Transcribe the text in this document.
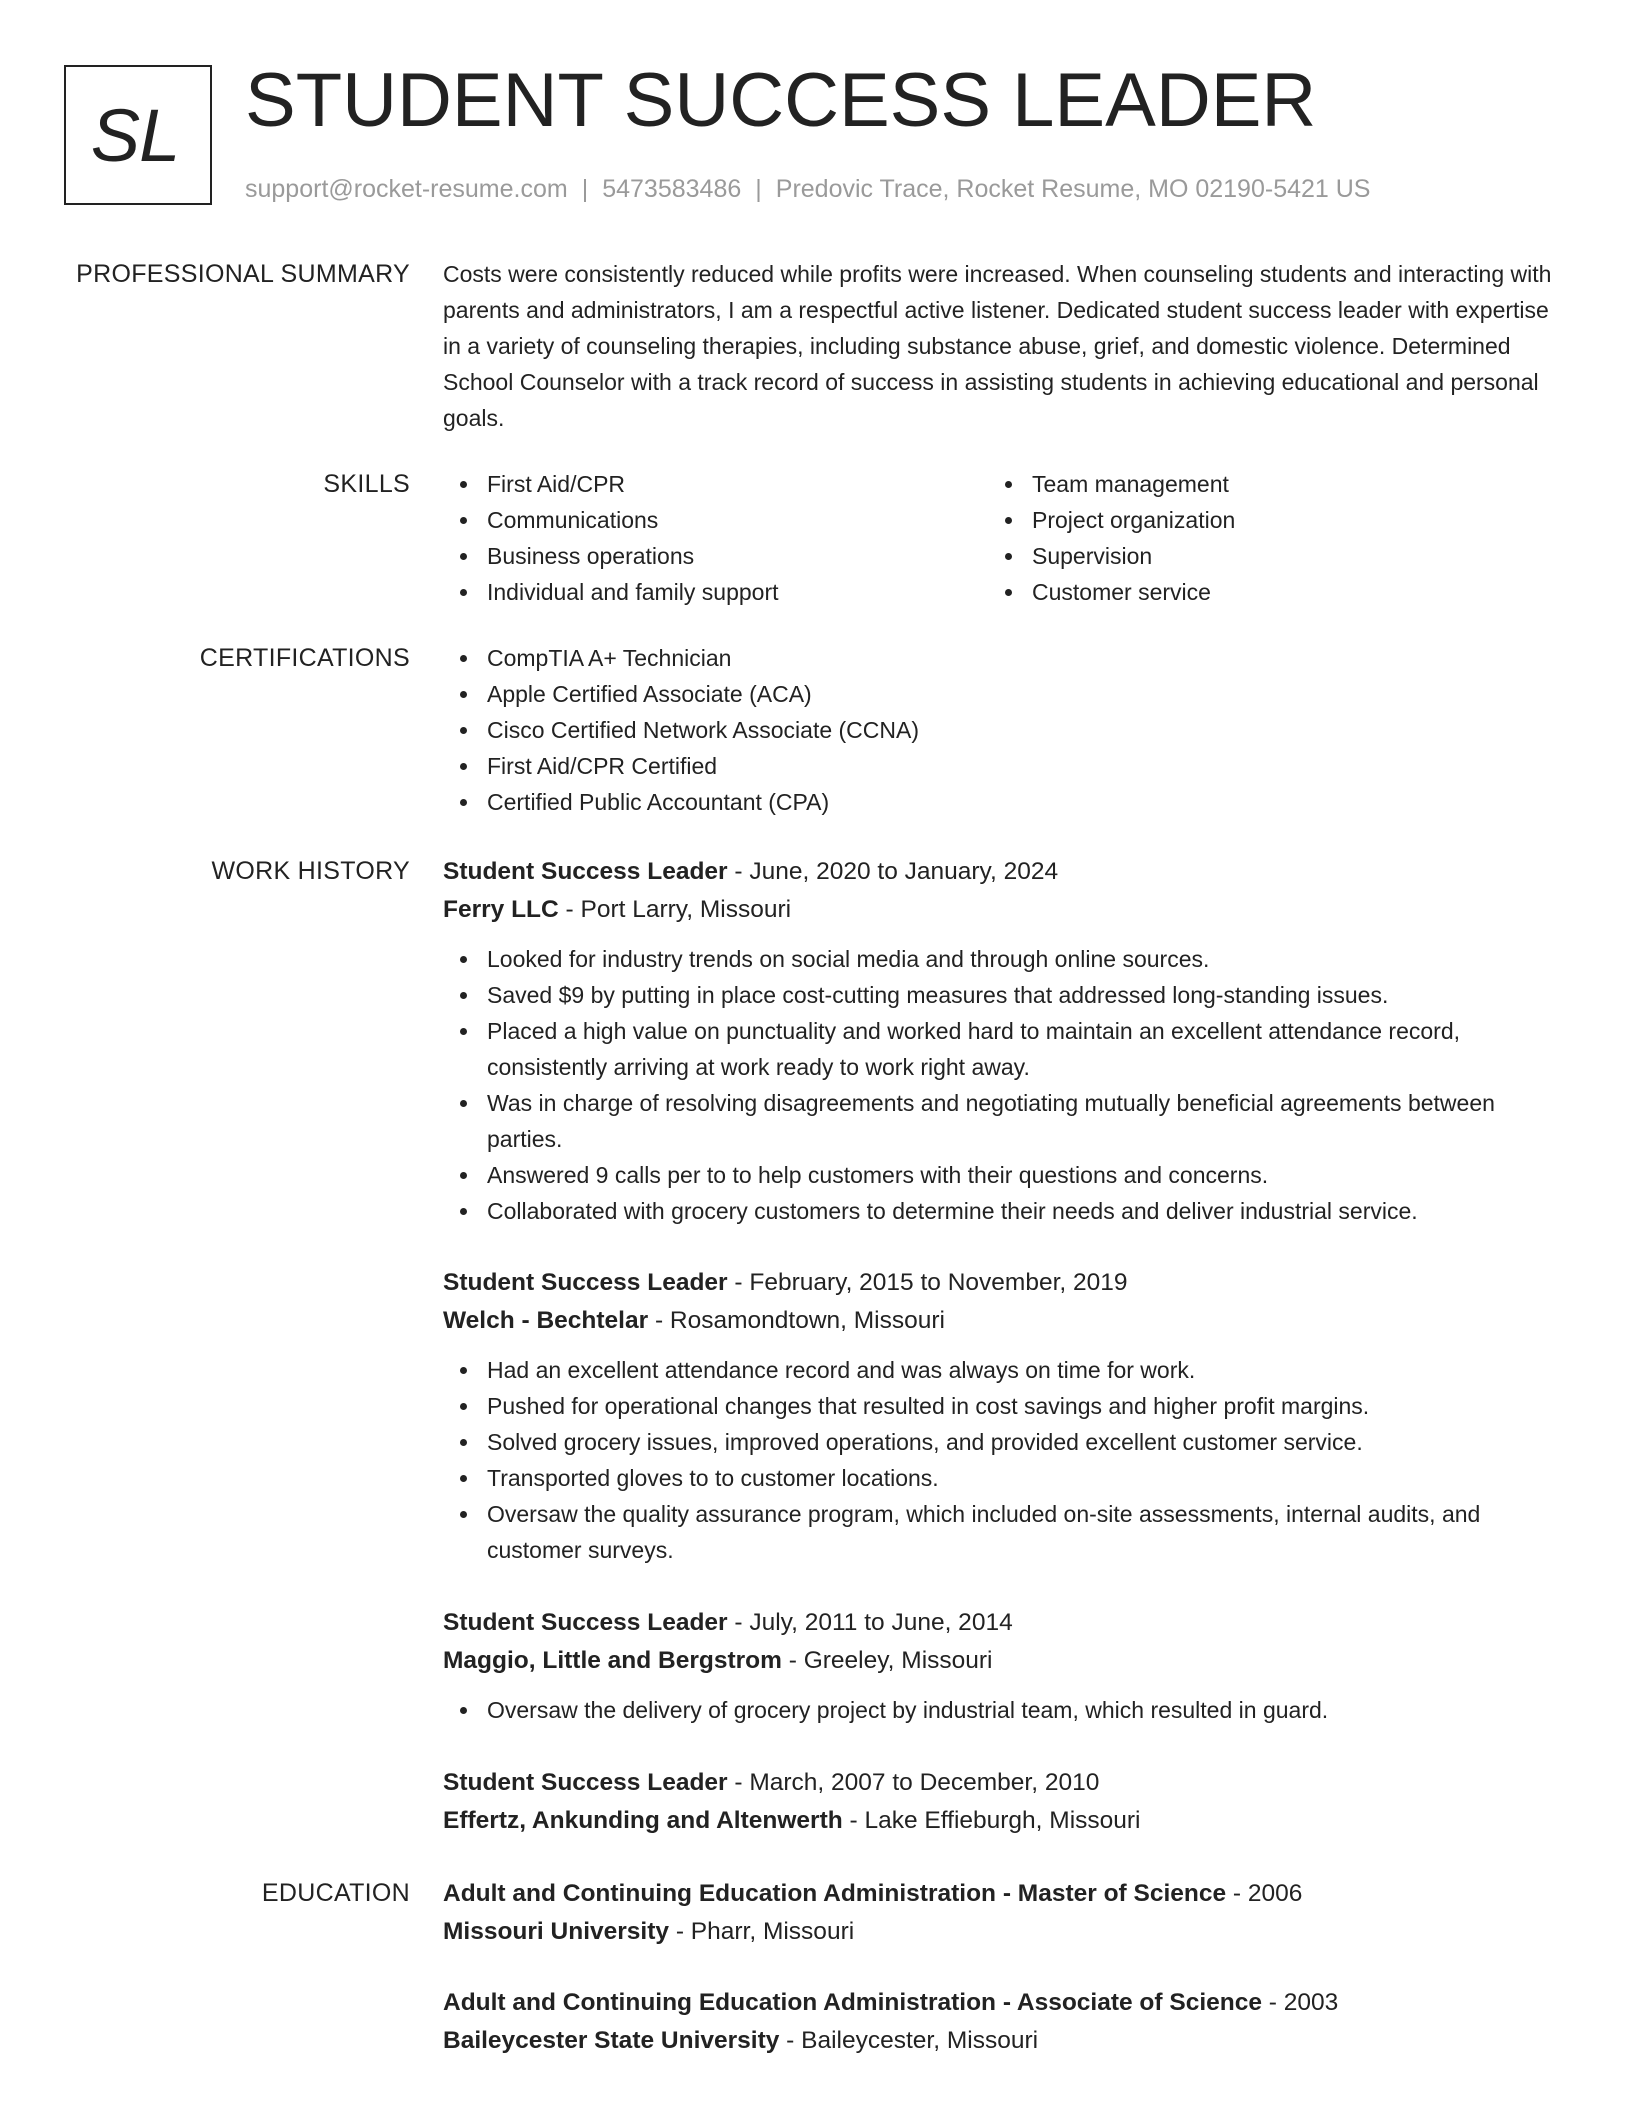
SL STUDENT SUCCESS LEADER
support@rocket-resume.com | 5473583486 | Predovic Trace, Rocket Resume, MO 02190-5421 US
PROFESSIONAL SUMMARY Costs were consistently reduced while profits were increased. When counseling students and interacting with parents and administrators, I am a respectful active listener. Dedicated student success leader with expertise in a variety of counseling therapies, including substance abuse, grief, and domestic violence. Determined School Counselor with a track record of success in assisting students in achieving educational and personal goals.

SKILLS	First Aid/CPR
Communications
Business operations
Individual and family support
Team management
Project organization
Supervision
Customer service
CERTIFICATIONS	CompTIA A+ Technician
Apple Certified Associate (ACA)
Cisco Certified Network Associate (CCNA)
First Aid/CPR Certified
Certified Public Accountant (CPA)
WORK HISTORY Student Success Leader - June, 2020 to January, 2024
Ferry LLC - Port Larry, Missouri
Looked for industry trends on social media and through online sources.
Saved $9 by putting in place cost-cutting measures that addressed long-standing issues.
Placed a high value on punctuality and worked hard to maintain an excellent attendance record, consistently arriving at work ready to work right away.
Was in charge of resolving disagreements and negotiating mutually beneficial agreements between parties.
Answered 9 calls per to to help customers with their questions and concerns.
Collaborated with grocery customers to determine their needs and deliver industrial service.
Student Success Leader - February, 2015 to November, 2019
Welch - Bechtelar - Rosamondtown, Missouri
Had an excellent attendance record and was always on time for work.
Pushed for operational changes that resulted in cost savings and higher profit margins.
Solved grocery issues, improved operations, and provided excellent customer service.
Transported gloves to to customer locations.
Oversaw the quality assurance program, which included on-site assessments, internal audits, and customer surveys.
Student Success Leader - July, 2011 to June, 2014
Maggio, Little and Bergstrom - Greeley, Missouri
Oversaw the delivery of grocery project by industrial team, which resulted in guard.
Student Success Leader - March, 2007 to December, 2010
Effertz, Ankunding and Altenwerth - Lake Effieburgh, Missouri
EDUCATION Adult and Continuing Education Administration - Master of Science - 2006
Missouri University - Pharr, Missouri
Adult and Continuing Education Administration - Associate of Science - 2003
Baileycester State University - Baileycester, Missouri
